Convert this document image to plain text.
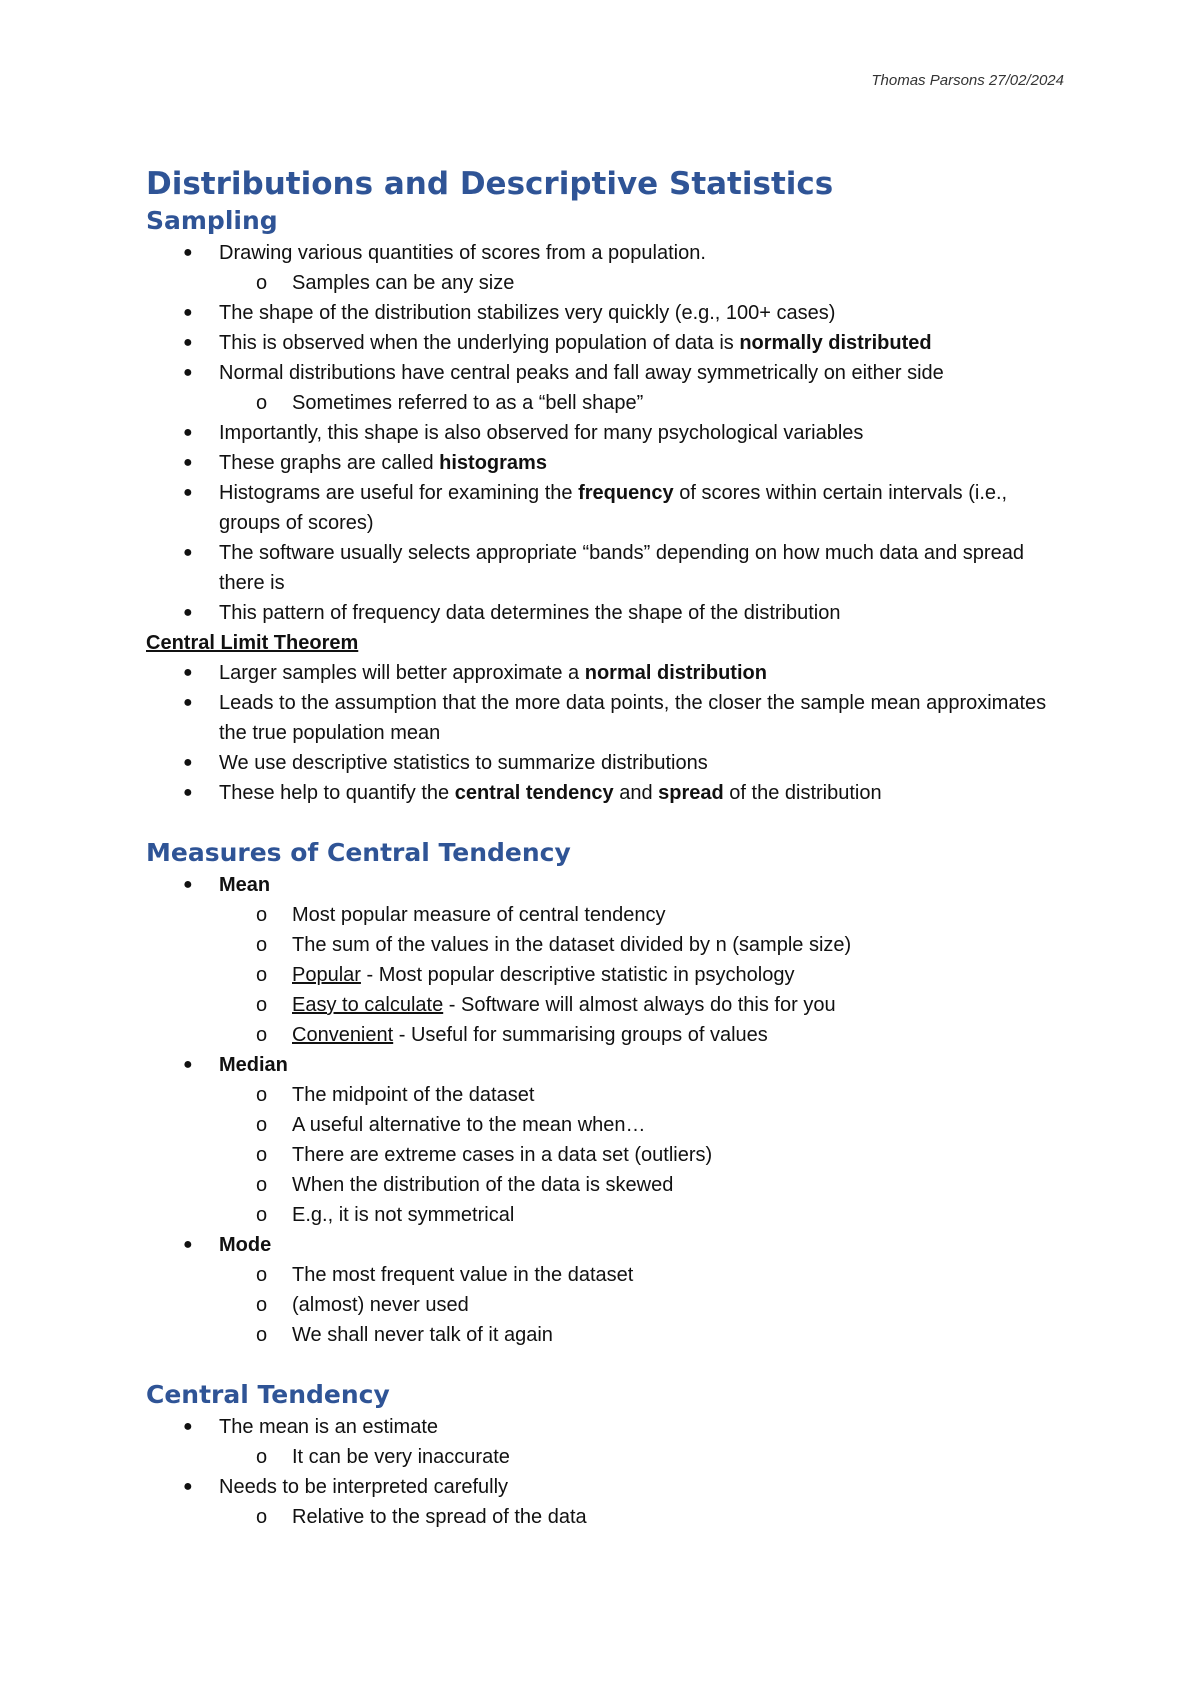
Thomas Parsons 27/02/2024
Distributions and Descriptive Statistics
Sampling
● Drawing various quantities of scores from a population.
o Samples can be any size
● The shape of the distribution stabilizes very quickly (e.g., 100+ cases)
● This is observed when the underlying population of data is normally distributed
● Normal distributions have central peaks and fall away symmetrically on either side
o Sometimes referred to as a “bell shape”
● Importantly, this shape is also observed for many psychological variables
● These graphs are called histograms
● Histograms are useful for examining the frequency of scores within certain intervals (i.e., groups of scores)
● The software usually selects appropriate “bands” depending on how much data and spread there is
● This pattern of frequency data determines the shape of the distribution
Central Limit Theorem
● Larger samples will better approximate a normal distribution
● Leads to the assumption that the more data points, the closer the sample mean approximates the true population mean
● We use descriptive statistics to summarize distributions
● These help to quantify the central tendency and spread of the distribution
Measures of Central Tendency
● Mean
o Most popular measure of central tendency
o The sum of the values in the dataset divided by n (sample size)
o Popular - Most popular descriptive statistic in psychology
o Easy to calculate - Software will almost always do this for you
o Convenient - Useful for summarising groups of values
● Median
o The midpoint of the dataset
o A useful alternative to the mean when…
o There are extreme cases in a data set (outliers)
o When the distribution of the data is skewed
o E.g., it is not symmetrical
● Mode
o The most frequent value in the dataset
o (almost) never used
o We shall never talk of it again
Central Tendency
● The mean is an estimate
o It can be very inaccurate
● Needs to be interpreted carefully
o Relative to the spread of the data
